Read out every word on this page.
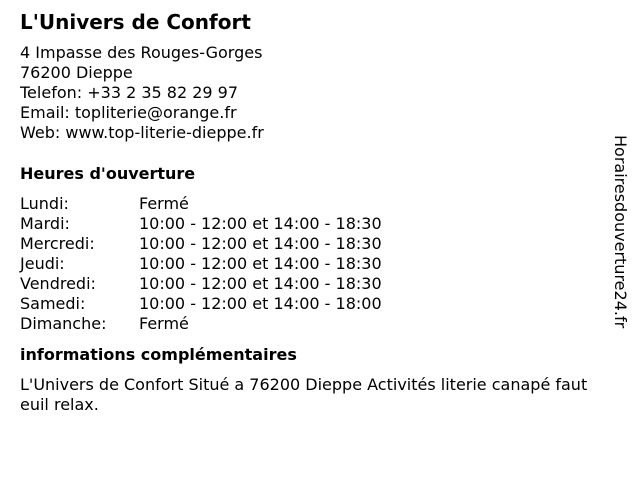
L'Univers de Confort
4 Impasse des Rouges-Gorges
76200 Dieppe
Telefon: +33 2 35 82 29 97
Email: topliterie@orange.fr
Web: www.top-literie-dieppe.fr
Heures d'ouverture
Lundi:	Fermé
Mardi:	10:00 - 12:00 et 14:00 - 18:30
Mercredi:	10:00 - 12:00 et 14:00 - 18:30
Jeudi:	10:00 - 12:00 et 14:00 - 18:30
Vendredi:	10:00 - 12:00 et 14:00 - 18:30
Samedi:	10:00 - 12:00 et 14:00 - 18:00
Dimanche:	Fermé
informations complémentaires
L'Univers de Confort Situé a 76200 Dieppe Activités literie canapé fauteuil relax.
Horairesdouverture24.fr
